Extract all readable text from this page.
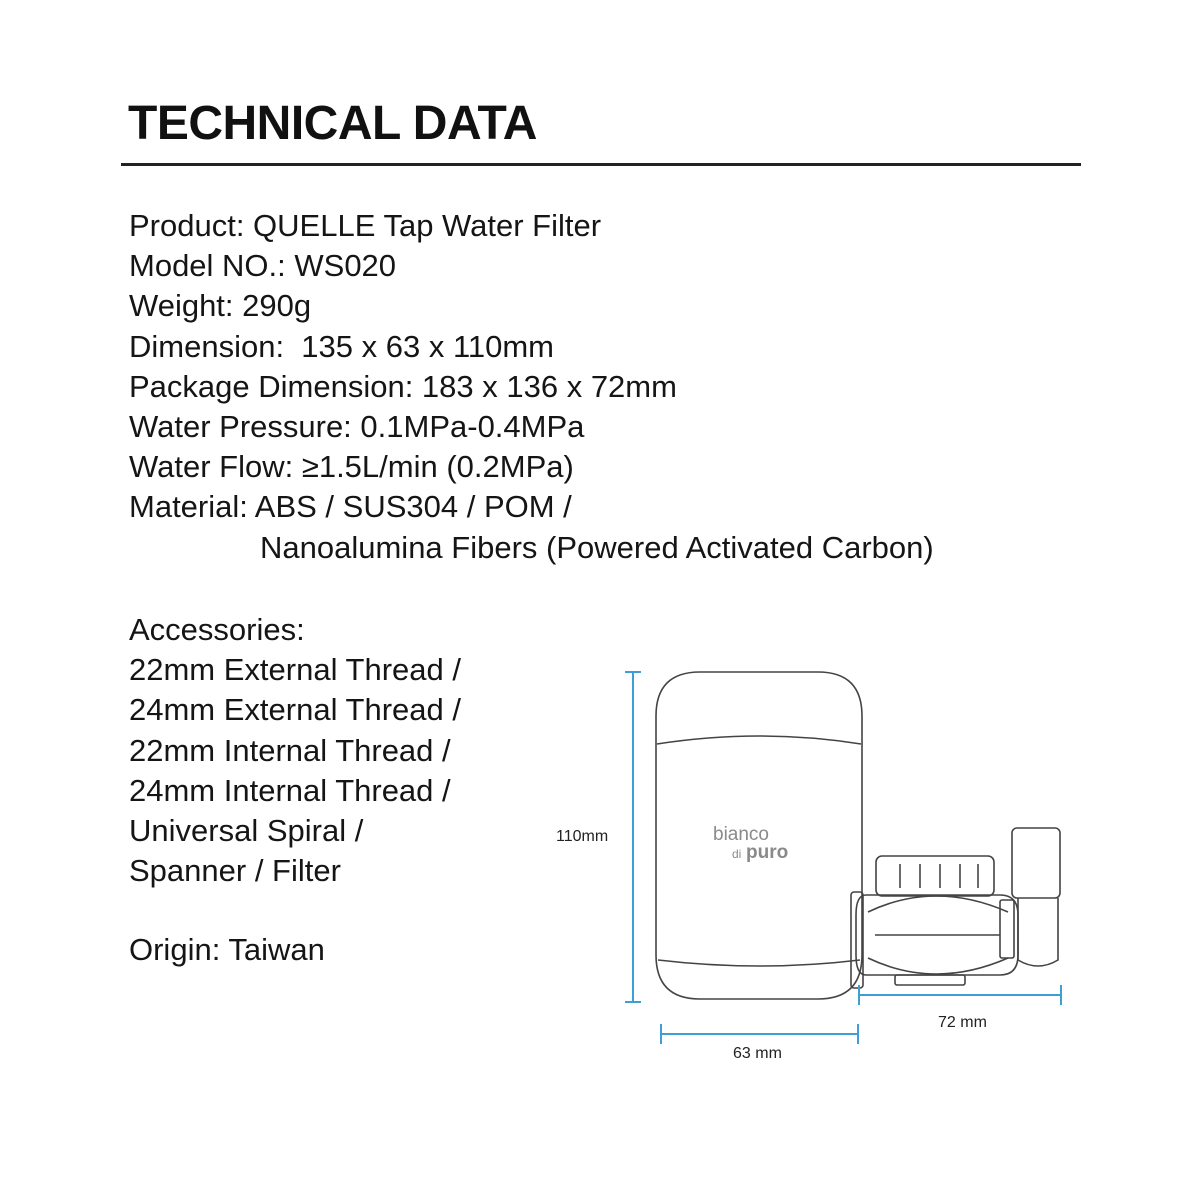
TECHNICAL DATA
Product: QUELLE Tap Water Filter
Model NO.: WS020
Weight: 290g
Dimension:  135 x 63 x 110mm
Package Dimension: 183 x 136 x 72mm
Water Pressure: 0.1MPa-0.4MPa
Water Flow: ≥1.5L/min (0.2MPa)
Material: ABS / SUS304 / POM /
Nanoalumina Fibers (Powered Activated Carbon)
Accessories:
22mm External Thread /
24mm External Thread /
22mm Internal Thread /
24mm Internal Thread /
Universal Spiral /
Spanner / Filter
Origin: Taiwan
bianco
di puro
110mm
63 mm
72 mm
